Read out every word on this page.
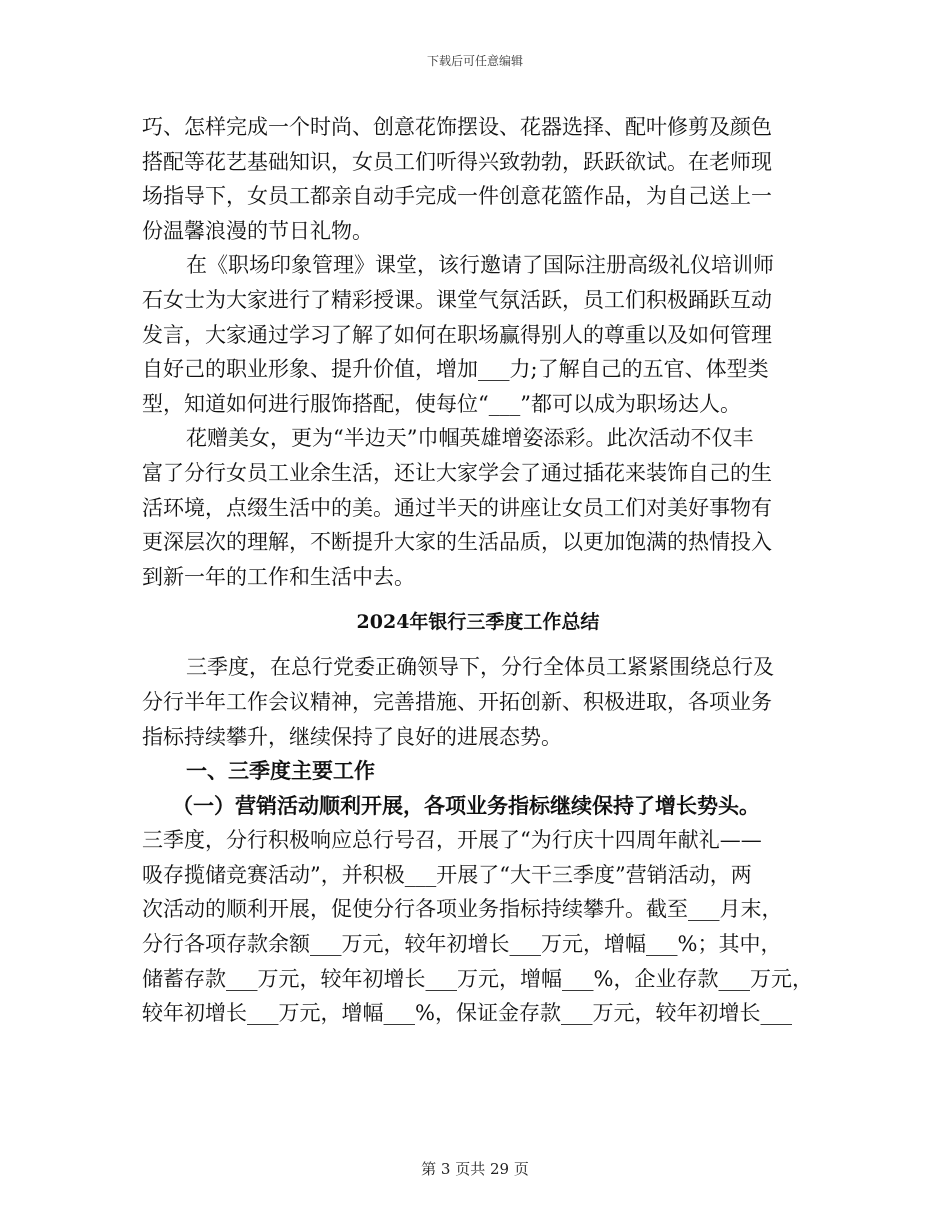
下载后可任意编辑
巧、怎样完成一个时尚、创意花饰摆设、花器选择、配叶修剪及颜色
搭配等花艺基础知识，女员工们听得兴致勃勃，跃跃欲试。在老师现
场指导下，女员工都亲自动手完成一件创意花篮作品，为自己送上一
份温馨浪漫的节日礼物。
在《职场印象管理》课堂，该行邀请了国际注册高级礼仪培训师
石女士为大家进行了精彩授课。课堂气氛活跃，员工们积极踊跃互动
发言，大家通过学习了解了如何在职场赢得别人的尊重以及如何管理
自好己的职业形象、提升价值，增加___力;了解自己的五官、体型类
型，知道如何进行服饰搭配，使每位“___”都可以成为职场达人。
花赠美女，更为“半边天”巾帼英雄增姿添彩。此次活动不仅丰
富了分行女员工业余生活，还让大家学会了通过插花来装饰自己的生
活环境，点缀生活中的美。通过半天的讲座让女员工们对美好事物有
更深层次的理解，不断提升大家的生活品质，以更加饱满的热情投入
到新一年的工作和生活中去。
2024年银行三季度工作总结
三季度，在总行党委正确领导下，分行全体员工紧紧围绕总行及
分行半年工作会议精神，完善措施、开拓创新、积极进取，各项业务
指标持续攀升，继续保持了良好的进展态势。
一、三季度主要工作
（一）营销活动顺利开展，各项业务指标继续保持了增长势头。
三季度，分行积极响应总行号召，开展了“为行庆十四周年献礼——
吸存揽储竞赛活动”，并积极___开展了“大干三季度”营销活动，两
次活动的顺利开展，促使分行各项业务指标持续攀升。截至___月末，
分行各项存款余额___万元，较年初增长___万元，增幅___%；其中，
储蓄存款___万元，较年初增长___万元，增幅___%，企业存款___万元，
较年初增长___万元，增幅___%，保证金存款___万元，较年初增长___
第 3 页共 29 页
